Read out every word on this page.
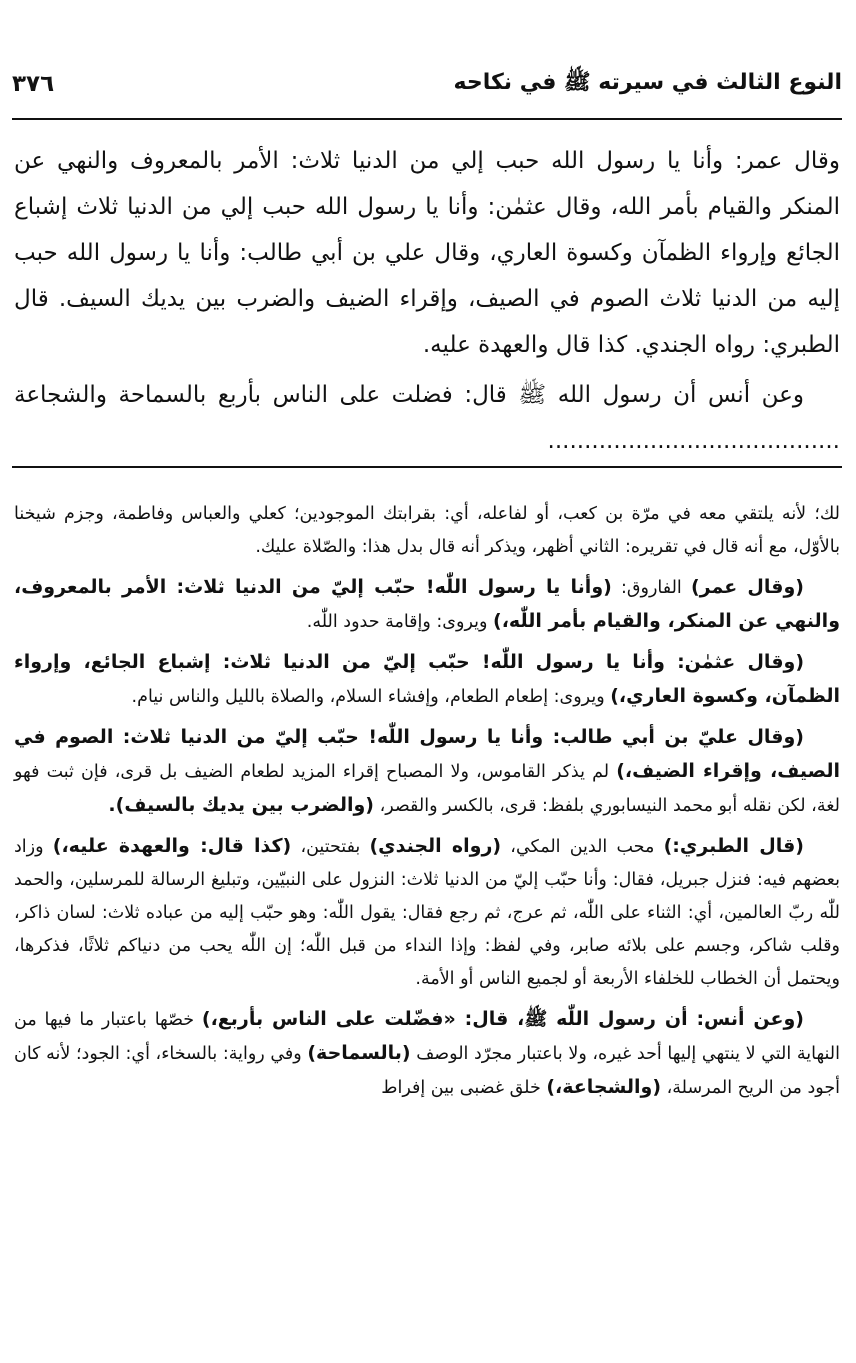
النوع الثالث في سيرته ﷺ في نكاحه
٣٧٦

وقال عمر: وأنا يا رسول الله حبب إلي من الدنيا ثلاث: الأمر بالمعروف والنهي عن المنكر والقيام بأمر الله، وقال عثمٰن: وأنا يا رسول الله حبب إلي من الدنيا ثلاث إشباع الجائع وإرواء الظمآن وكسوة العاري، وقال علي بن أبي طالب: وأنا يا رسول الله حبب إليه من الدنيا ثلاث الصوم في الصيف، وإقراء الضيف والضرب بين يديك السيف. قال الطبري: رواه الجندي. كذا قال والعهدة عليه.

وعن أنس أن رسول الله ﷺ قال: فضلت على الناس بأربع بالسماحة والشجاعة ........................................

لك؛ لأنه يلتقي معه في مرّة بن كعب، أو لفاعله، أي: بقرابتك الموجودين؛ كعلي والعباس وفاطمة، وجزم شيخنا بالأوّل، مع أنه قال في تقريره: الثاني أظهر، ويذكر أنه قال بدل هذا: والصّلاة عليك.

(وقال عمر) الفاروق: (وأنا يا رسول اللّٰه! حبّب إليّ من الدنيا ثلاث: الأمر بالمعروف، والنهي عن المنكر، والقيام بأمر اللّٰه،) ويروى: وإقامة حدود اللّٰه.

(وقال عثمٰن: وأنا يا رسول اللّٰه! حبّب إليّ من الدنيا ثلاث: إشباع الجائع، وإرواء الظمآن، وكسوة العاري،) ويروى: إطعام الطعام، وإفشاء السلام، والصلاة بالليل والناس نيام.

(وقال عليّ بن أبي طالب: وأنا يا رسول اللّٰه! حبّب إليّ من الدنيا ثلاث: الصوم في الصيف، وإقراء الضيف،) لم يذكر القاموس، ولا المصباح إقراء المزيد لطعام الضيف بل قرى، فإن ثبت فهو لغة، لكن نقله أبو محمد النيسابوري بلفظ: قرى، بالكسر والقصر، (والضرب بين يديك بالسيف).

(قال الطبري:) محب الدين المكي، (رواه الجندي) بفتحتين، (كذا قال: والعهدة عليه،) وزاد بعضهم فيه: فنزل جبريل، فقال: وأنا حبّب إليّ من الدنيا ثلاث: النزول على النبيّين، وتبليغ الرسالة للمرسلين، والحمد للّٰه ربّ العالمين، أي: الثناء على اللّٰه، ثم عرج، ثم رجع فقال: يقول اللّٰه: وهو حبّب إليه من عباده ثلاث: لسان ذاكر، وقلب شاكر، وجسم على بلائه صابر، وفي لفظ: وإذا النداء من قبل اللّٰه؛ إن اللّٰه يحب من دنياكم ثلاثًا، فذكرها، ويحتمل أن الخطاب للخلفاء الأربعة أو لجميع الناس أو الأمة.

(وعن أنس: أن رسول اللّٰه ﷺ، قال: «فضّلت على الناس بأربع،) خصّها باعتبار ما فيها من النهاية التي لا ينتهي إليها أحد غيره، ولا باعتبار مجرّد الوصف (بالسماحة) وفي رواية: بالسخاء، أي: الجود؛ لأنه كان أجود من الريح المرسلة، (والشجاعة،) خلق غضبى بين إفراط
